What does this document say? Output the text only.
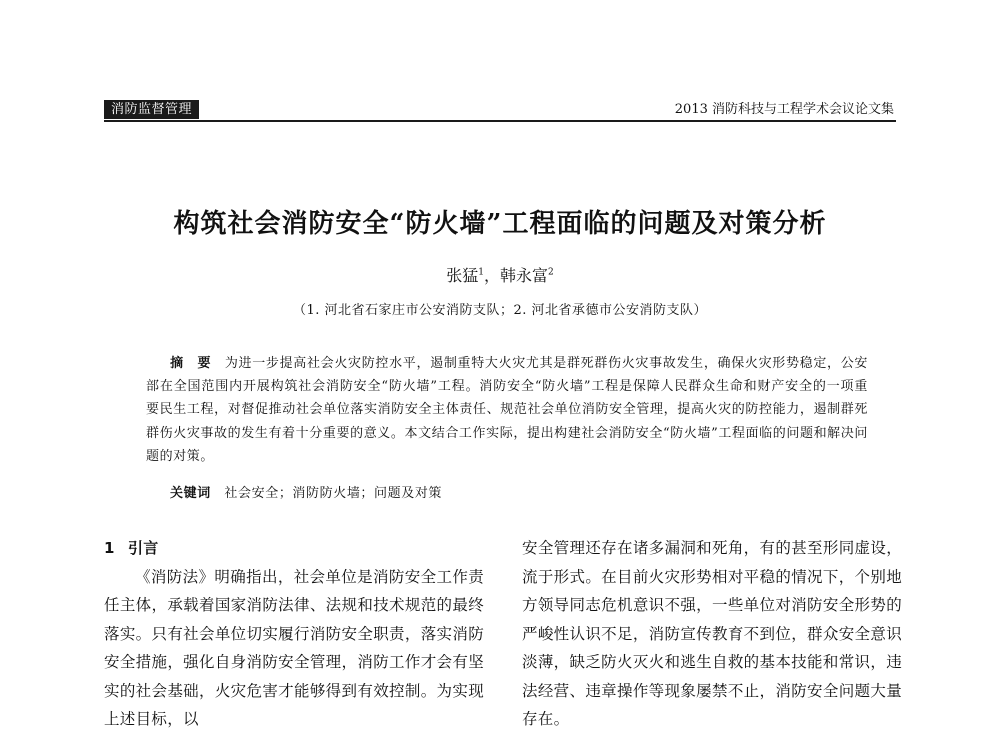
消防监督管理	2013 消防科技与工程学术会议论文集
构筑社会消防安全“防火墙”工程面临的问题及对策分析
张猛$^1$，韩永富$^2$
（1. 河北省石家庄市公安消防支队；2. 河北省承德市公安消防支队）
摘　要　 为进一步提高社会火灾防控水平，遏制重特大火灾尤其是群死群伤火灾事故发生，确保火灾形势稳定，公安部在全国范围内开展构筑社会消防安全“防火墙”工程。消防安全“防火墙”工程是保障人民群众生命和财产安全的一项重要民生工程，对督促推动社会单位落实消防安全主体责任、规范社会单位消防安全管理，提高火灾的防控能力，遏制群死群伤火灾事故的发生有着十分重要的意义。本文结合工作实际，提出构建社会消防安全“防火墙”工程面临的问题和解决问题的对策。
关键词　 社会安全；消防防火墙；问题及对策
1 引言
《消防法》明确指出，社会单位是消防安全工作责任主体，承载着国家消防法律、法规和技术规范的最终落实。只有社会单位切实履行消防安全职责，落实消防安全措施，强化自身消防安全管理，消防工作才会有坚实的社会基础，火灾危害才能够得到有效控制。为实现上述目标，以
安全管理还存在诸多漏洞和死角，有的甚至形同虚设，流于形式。在目前火灾形势相对平稳的情况下，个别地方领导同志危机意识不强，一些单位对消防安全形势的严峻性认识不足，消防宣传教育不到位，群众安全意识淡薄，缺乏防火灭火和逃生自救的基本技能和常识，违法经营、违章操作等现象屡禁不止，消防安全问题大量存在。
